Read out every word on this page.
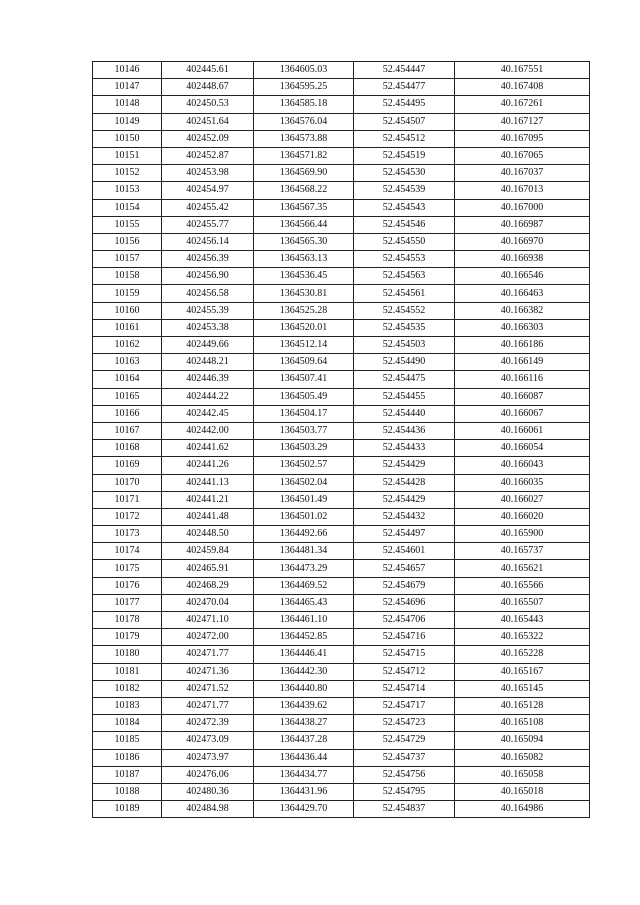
10146	402445.61	1364605.03	52.454447	40.167551
10147	402448.67	1364595.25	52.454477	40.167408
10148	402450.53	1364585.18	52.454495	40.167261
10149	402451.64	1364576.04	52.454507	40.167127
10150	402452.09	1364573.88	52.454512	40.167095
10151	402452.87	1364571.82	52.454519	40.167065
10152	402453.98	1364569.90	52.454530	40.167037
10153	402454.97	1364568.22	52.454539	40.167013
10154	402455.42	1364567.35	52.454543	40.167000
10155	402455.77	1364566.44	52.454546	40.166987
10156	402456.14	1364565.30	52.454550	40.166970
10157	402456.39	1364563.13	52.454553	40.166938
10158	402456.90	1364536.45	52.454563	40.166546
10159	402456.58	1364530.81	52.454561	40.166463
10160	402455.39	1364525.28	52.454552	40.166382
10161	402453.38	1364520.01	52.454535	40.166303
10162	402449.66	1364512.14	52.454503	40.166186
10163	402448.21	1364509.64	52.454490	40.166149
10164	402446.39	1364507.41	52.454475	40.166116
10165	402444.22	1364505.49	52.454455	40.166087
10166	402442.45	1364504.17	52.454440	40.166067
10167	402442.00	1364503.77	52.454436	40.166061
10168	402441.62	1364503.29	52.454433	40.166054
10169	402441.26	1364502.57	52.454429	40.166043
10170	402441.13	1364502.04	52.454428	40.166035
10171	402441.21	1364501.49	52.454429	40.166027
10172	402441.48	1364501.02	52.454432	40.166020
10173	402448.50	1364492.66	52.454497	40.165900
10174	402459.84	1364481.34	52.454601	40.165737
10175	402465.91	1364473.29	52.454657	40.165621
10176	402468.29	1364469.52	52.454679	40.165566
10177	402470.04	1364465.43	52.454696	40.165507
10178	402471.10	1364461.10	52.454706	40.165443
10179	402472.00	1364452.85	52.454716	40.165322
10180	402471.77	1364446.41	52.454715	40.165228
10181	402471.36	1364442.30	52.454712	40.165167
10182	402471.52	1364440.80	52.454714	40.165145
10183	402471.77	1364439.62	52.454717	40.165128
10184	402472.39	1364438.27	52.454723	40.165108
10185	402473.09	1364437.28	52.454729	40.165094
10186	402473.97	1364436.44	52.454737	40.165082
10187	402476.06	1364434.77	52.454756	40.165058
10188	402480.36	1364431.96	52.454795	40.165018
10189	402484.98	1364429.70	52.454837	40.164986
